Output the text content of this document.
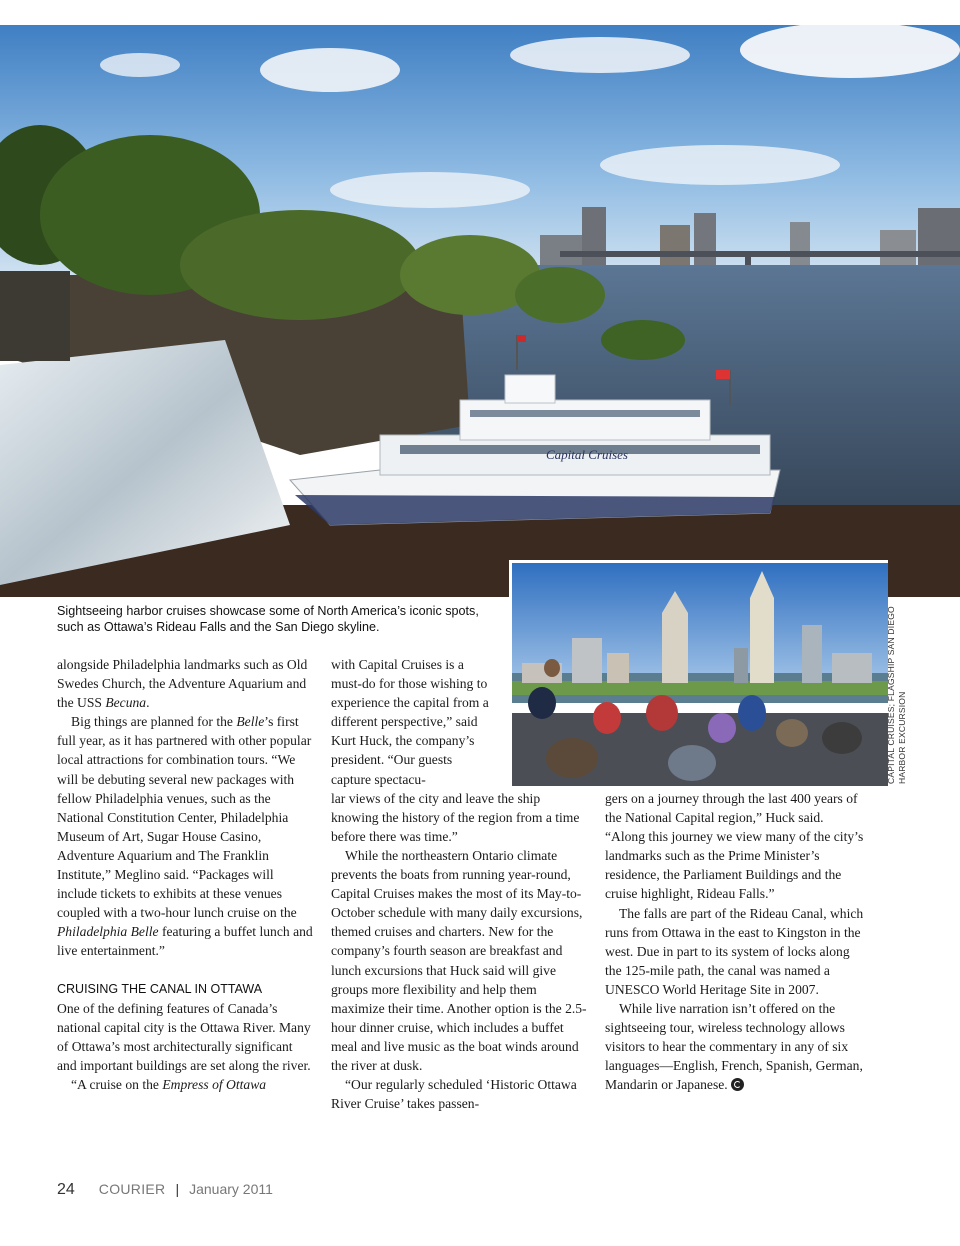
Capital Cruises
CAPITAL CRUISES; FLAGSHIP SAN DIEGO HARBOR EXCURSION
Sightseeing harbor cruises showcase some of North America’s iconic spots,
such as Ottawa’s Rideau Falls and the San Diego skyline.

alongside Philadelphia landmarks such as Old Swedes Church, the Adventure Aquarium and the USS Becuna.

Big things are planned for the Belle’s first full year, as it has partnered with other popular local attractions for combination tours. “We will be debuting several new packages with fellow Philadelphia venues, such as the National Constitution Center, Philadelphia Museum of Art, Sugar House Casino, Adventure Aquarium and The Franklin Institute,” Meglino said. “Packages will include tickets to exhibits at these venues coupled with a two-hour lunch cruise on the Philadelphia Belle featuring a buffet lunch and live entertainment.”

CRUISING THE CANAL IN OTTAWA

One of the defining features of Canada’s national capital city is the Ottawa River. Many of Ottawa’s most architecturally significant and important buildings are set along the river.

“A cruise on the Empress of Ottawa

with Capital Cruises is a must-do for those wishing to experience the capital from a different perspective,” said Kurt Huck, the company’s president. “Our guests capture spectacu-

lar views of the city and leave the ship knowing the history of the region from a time before there was time.”

While the northeastern Ontario climate prevents the boats from running year-round, Capital Cruises makes the most of its May-to-October schedule with many daily excursions, themed cruises and charters. New for the company’s fourth season are breakfast and lunch excursions that Huck said will give groups more flexibility and help them maximize their time. Another option is the 2.5-hour dinner cruise, which includes a buffet meal and live music as the boat winds around the river at dusk.

“Our regularly scheduled ‘Historic Ottawa River Cruise’ takes passen-

gers on a journey through the last 400 years of the National Capital region,” Huck said. “Along this journey we view many of the city’s landmarks such as the Prime Minister’s residence, the Parliament Buildings and the cruise highlight, Rideau Falls.”

The falls are part of the Rideau Canal, which runs from Ottawa in the east to Kingston in the west. Due in part to its system of locks along the 125-mile path, the canal was named a UNESCO World Heritage Site in 2007.

While live narration isn’t offered on the sightseeing tour, wireless technology allows visitors to hear the commentary in any of six languages—English, French, Spanish, German, Mandarin or Japanese.

24 COURIER | January 2011
